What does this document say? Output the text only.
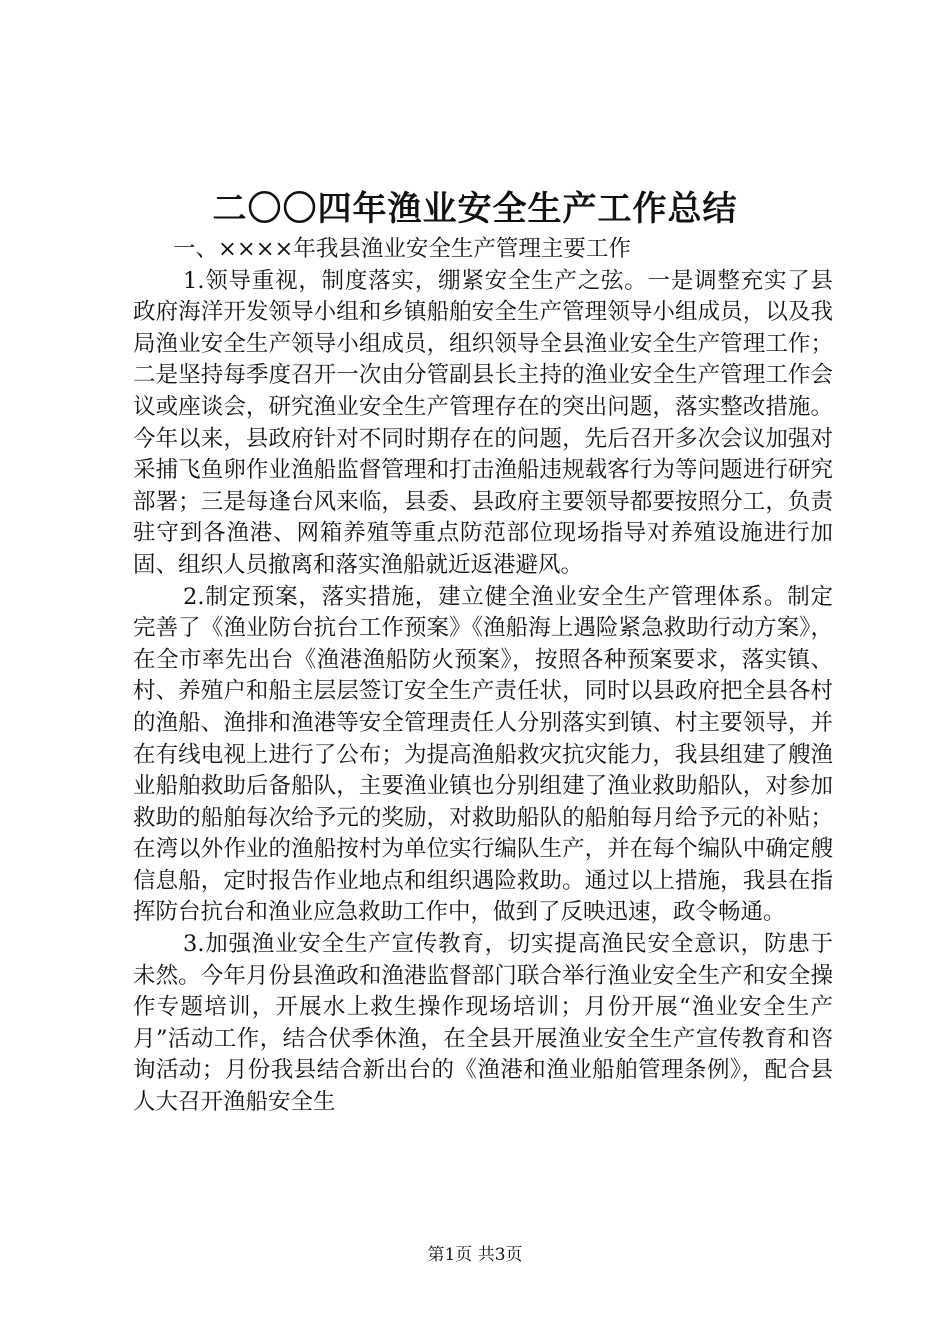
二〇〇四年渔业安全生产工作总结

一、××××年我县渔业安全生产管理主要工作

1.领导重视，制度落实，绷紧安全生产之弦。一是调整充实了县政府海洋开发领导小组和乡镇船舶安全生产管理领导小组成员，以及我局渔业安全生产领导小组成员，组织领导全县渔业安全生产管理工作；二是坚持每季度召开一次由分管副县长主持的渔业安全生产管理工作会议或座谈会，研究渔业安全生产管理存在的突出问题，落实整改措施。今年以来，县政府针对不同时期存在的问题，先后召开多次会议加强对采捕飞鱼卵作业渔船监督管理和打击渔船违规载客行为等问题进行研究部署；三是每逢台风来临，县委、县政府主要领导都要按照分工，负责驻守到各渔港、网箱养殖等重点防范部位现场指导对养殖设施进行加固、组织人员撤离和落实渔船就近返港避风。

2.制定预案，落实措施，建立健全渔业安全生产管理体系。制定完善了《渔业防台抗台工作预案》《渔船海上遇险紧急救助行动方案》，在全市率先出台《渔港渔船防火预案》，按照各种预案要求，落实镇、村、养殖户和船主层层签订安全生产责任状，同时以县政府把全县各村的渔船、渔排和渔港等安全管理责任人分别落实到镇、村主要领导，并在有线电视上进行了公布；为提高渔船救灾抗灾能力，我县组建了艘渔业船舶救助后备船队，主要渔业镇也分别组建了渔业救助船队，对参加救助的船舶每次给予元的奖励，对救助船队的船舶每月给予元的补贴；在湾以外作业的渔船按村为单位实行编队生产，并在每个编队中确定艘信息船，定时报告作业地点和组织遇险救助。通过以上措施，我县在指挥防台抗台和渔业应急救助工作中，做到了反映迅速，政令畅通。

3.加强渔业安全生产宣传教育，切实提高渔民安全意识，防患于未然。今年月份县渔政和渔港监督部门联合举行渔业安全生产和安全操作专题培训，开展水上救生操作现场培训；月份开展“渔业安全生产月”活动工作，结合伏季休渔，在全县开展渔业安全生产宣传教育和咨询活动；月份我县结合新出台的《渔港和渔业船舶管理条例》，配合县人大召开渔船安全生

第1页 共3页
